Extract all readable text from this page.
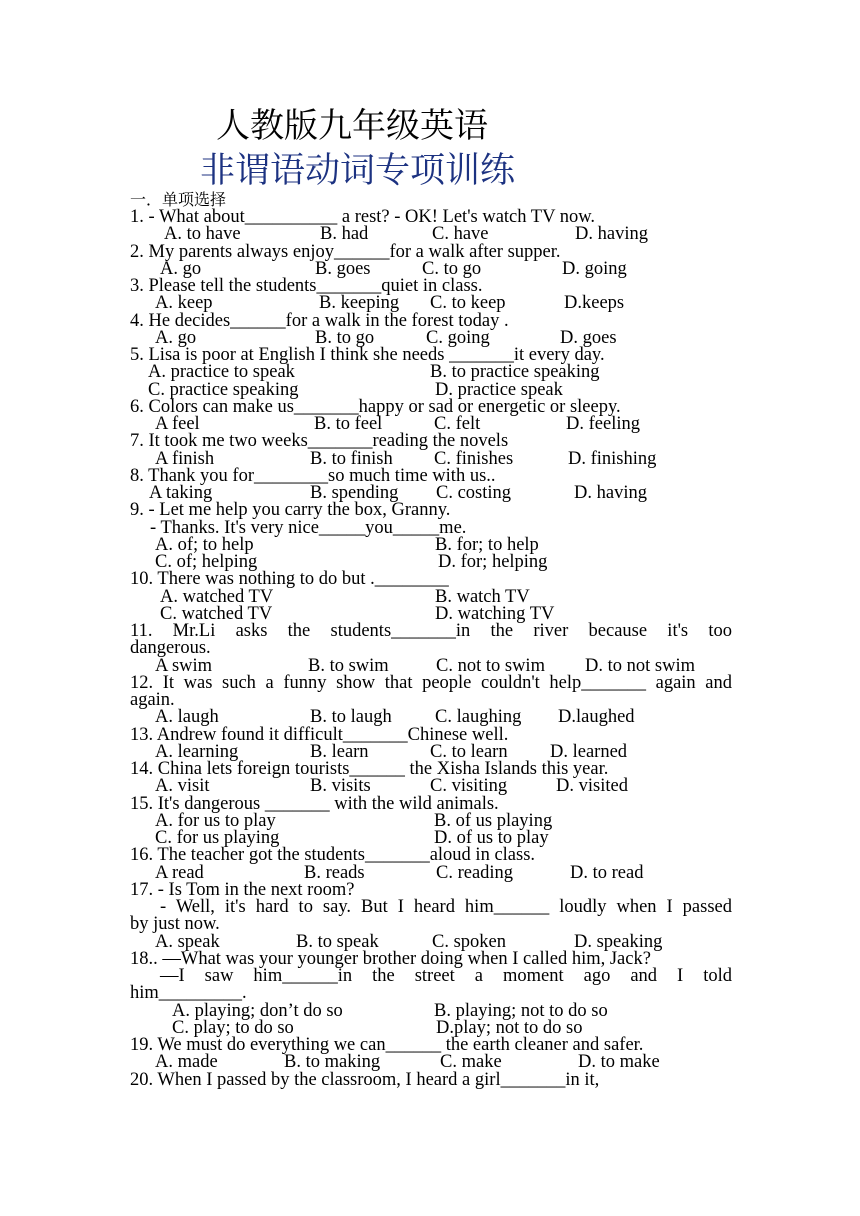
人教版九年级英语
非谓语动词专项训练
一．单项选择
1. - What about__________ a rest? - OK! Let's watch TV now.
A. to have	B. had	C. have	D. having
2. My parents always enjoy______for a walk after supper.
A. go	B. goes	C. to go	D. going
3. Please tell the students_______quiet in class.
A. keep	B. keeping C. to keep	D.keeps
4. He decides______for a walk in the forest today .
A. go	B. to go	C. going	D. goes
5. Lisa is poor at English I think she needs _______it every day.
A. practice to speak	B. to practice speaking
C. practice speaking	D. practice speak
6. Colors can make us_______happy or sad or energetic or sleepy.
A feel	B. to feel	C. felt	D. feeling
7. It took me two weeks_______reading the novels
A finish	B. to finish C. finishes	D. finishing
8. Thank you for________so much time with us..
A taking	B. spending C. costing	D. having
9. - Let me help you carry the box, Granny.
- Thanks. It's very nice_____you_____me.
A. of; to help	B. for; to help
C. of; helping	D. for; helping
10. There was nothing to do but .________
A. watched TV	B. watch TV
C. watched TV	D. watching TV
11. Mr.Li asks the students_______in the river because it's too
dangerous.
A swim	B. to swim	C. not to swim D. to not swim
12. It was such a funny show that people couldn't help_______ again and
again.
A. laugh	B. to laugh C. laughing D.laughed
13. Andrew found it difficult_______Chinese well.
A. learning	B. learn	C. to learn D. learned
14. China lets foreign tourists______ the Xisha Islands this year.
A. visit	B. visits	C. visiting	D. visited
15. It's dangerous _______ with the wild animals.
A. for us to play	B. of us playing
C. for us playing	D. of us to play
16. The teacher got the students_______aloud in class.
A read	B. reads	C. reading	D. to read
17. - Is Tom in the next room?
- Well, it's hard to say. But I heard him______ loudly when I passed
by just now.
A. speak	B. to speak	C. spoken	D. speaking
18.. —What was your younger brother doing when I called him, Jack?
—I saw him______in the street a moment ago and I told
him_________.
A. playing; don’t do so	B. playing; not to do so
C. play; to do so	D.play; not to do so
19. We must do everything we can______ the earth cleaner and safer.
A. made	B. to making	C. make	D. to make
20. When I passed by the classroom, I heard a girl_______in it,
